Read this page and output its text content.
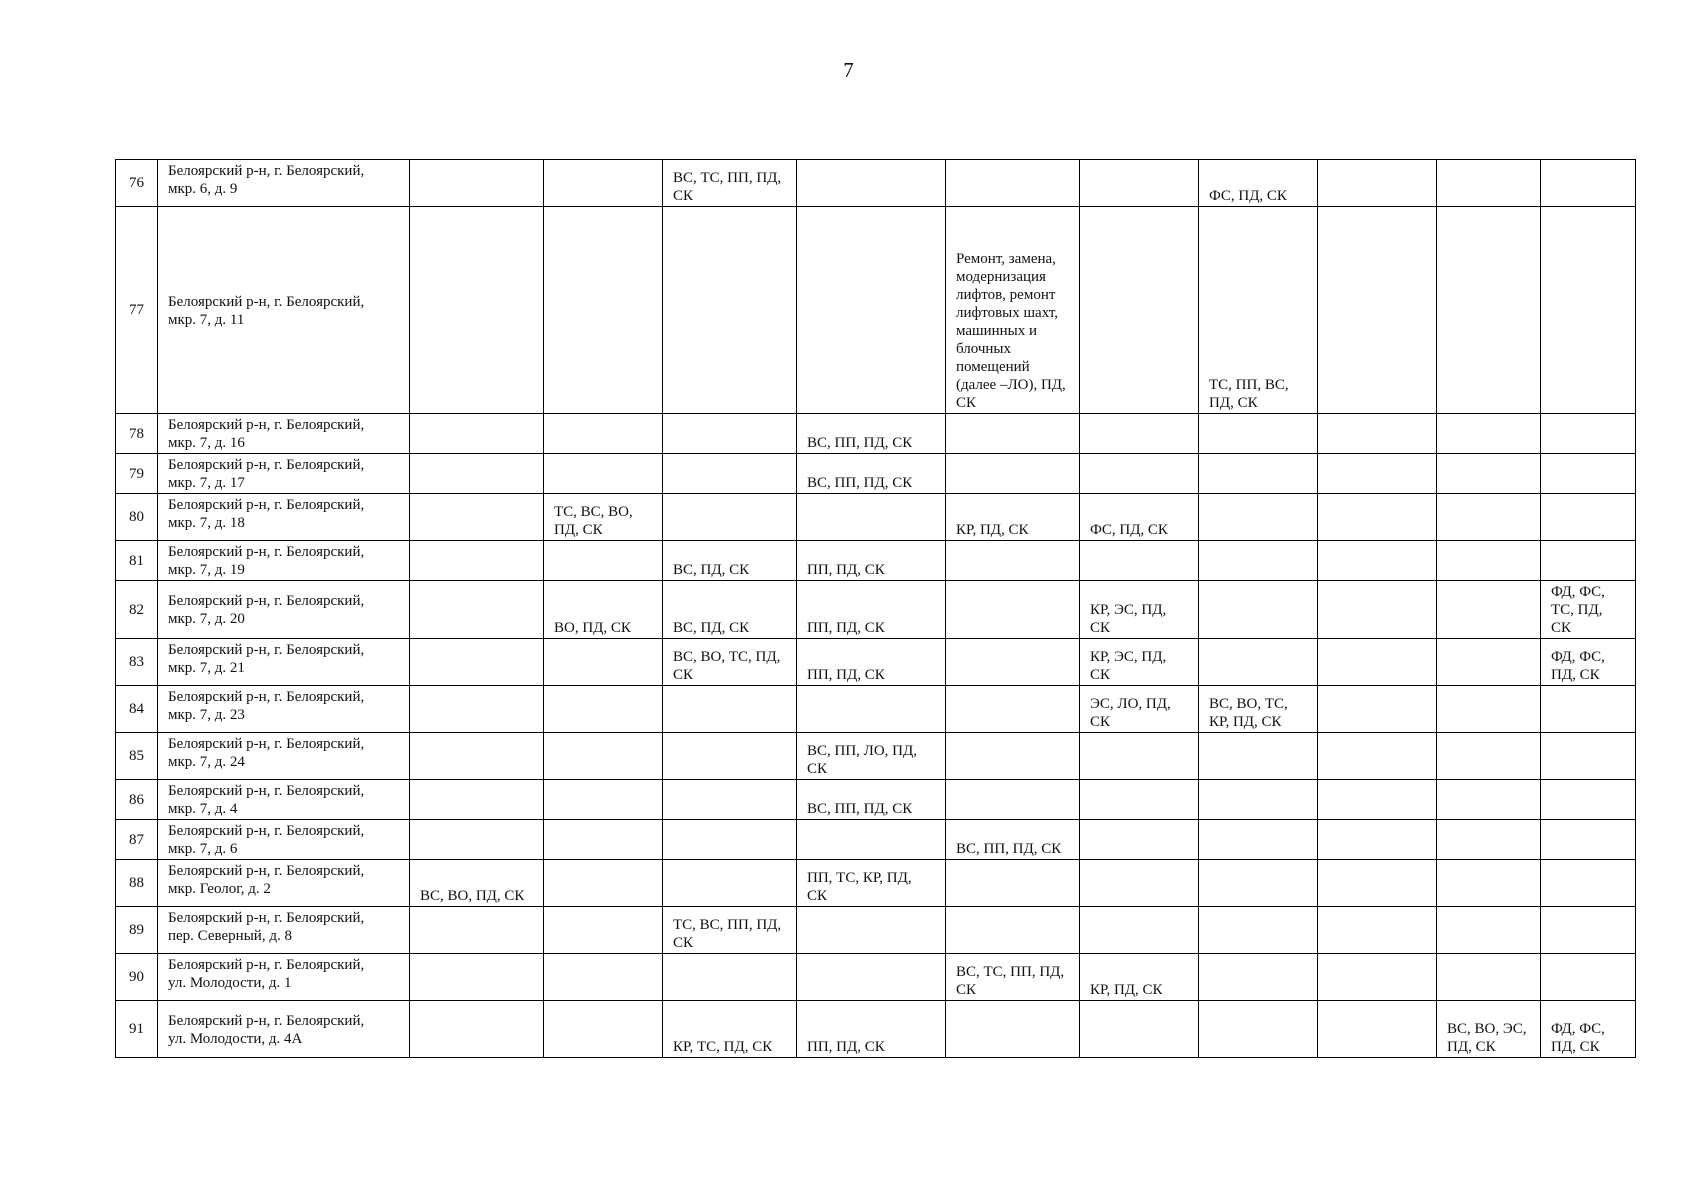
7
76	Белоярский р-н, г. Белоярский,
мкр. 6, д. 9			ВС, ТС, ПП, ПД, СК				ФС, ПД, СК			
77	Белоярский р-н, г. Белоярский,
мкр. 7, д. 11					Ремонт, замена, модернизация лифтов, ремонт лифтовых шахт, машинных и блочных помещений (далее –ЛО), ПД, СК		ТС, ПП, ВС, ПД, СК			
78	Белоярский р-н, г. Белоярский,
мкр. 7, д. 16				ВС, ПП, ПД, СК						
79	Белоярский р-н, г. Белоярский,
мкр. 7, д. 17				ВС, ПП, ПД, СК						
80	Белоярский р-н, г. Белоярский,
мкр. 7, д. 18		ТС, ВС, ВО, ПД, СК			КР, ПД, СК	ФС, ПД, СК				
81	Белоярский р-н, г. Белоярский,
мкр. 7, д. 19			ВС, ПД, СК	ПП, ПД, СК						
82	Белоярский р-н, г. Белоярский,
мкр. 7, д. 20		ВО, ПД, СК	ВС, ПД, СК	ПП, ПД, СК		КР, ЭС, ПД, СК				ФД, ФС, ТС, ПД, СК
83	Белоярский р-н, г. Белоярский,
мкр. 7, д. 21			ВС, ВО, ТС, ПД, СК	ПП, ПД, СК		КР, ЭС, ПД, СК				ФД, ФС, ПД, СК
84	Белоярский р-н, г. Белоярский,
мкр. 7, д. 23						ЭС, ЛО, ПД, СК	ВС, ВО, ТС, КР, ПД, СК			
85	Белоярский р-н, г. Белоярский,
мкр. 7, д. 24				ВС, ПП, ЛО, ПД, СК						
86	Белоярский р-н, г. Белоярский,
мкр. 7, д. 4				ВС, ПП, ПД, СК						
87	Белоярский р-н, г. Белоярский,
мкр. 7, д. 6					ВС, ПП, ПД, СК					
88	Белоярский р-н, г. Белоярский,
мкр. Геолог, д. 2	ВС, ВО, ПД, СК			ПП, ТС, КР, ПД, СК						
89	Белоярский р-н, г. Белоярский,
пер. Северный, д. 8			ТС, ВС, ПП, ПД, СК							
90	Белоярский р-н, г. Белоярский,
ул. Молодости, д. 1					ВС, ТС, ПП, ПД, СК	КР, ПД, СК				
91	Белоярский р-н, г. Белоярский,
ул. Молодости, д. 4А			КР, ТС, ПД, СК	ПП, ПД, СК					ВС, ВО, ЭС, ПД, СК	ФД, ФС, ПД, СК
